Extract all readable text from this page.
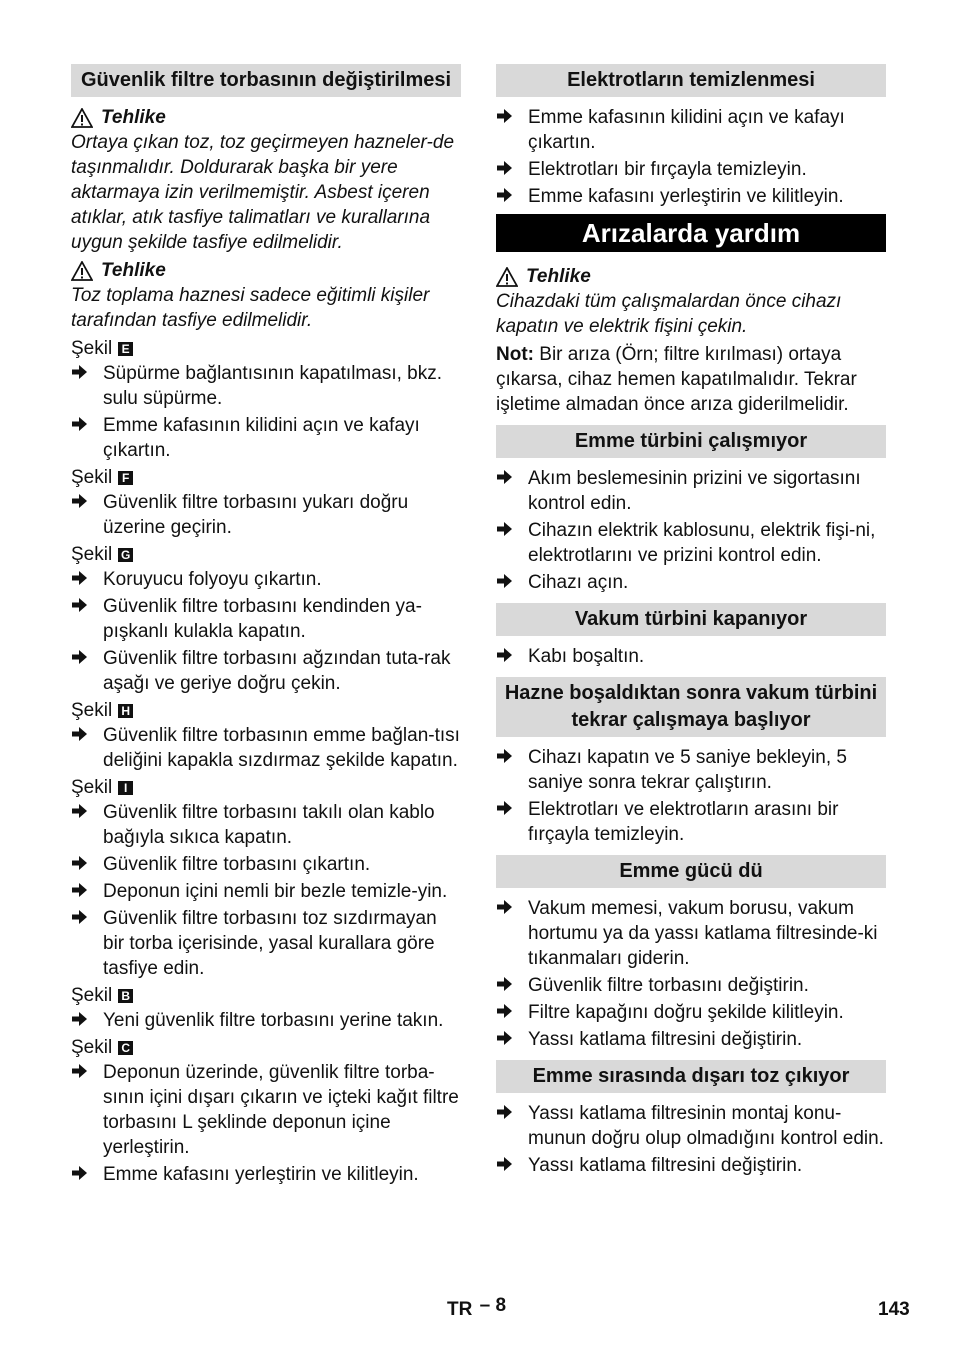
Güvenlik filtre torbasının değiştirilmesi
Tehlike
Ortaya çıkan toz, toz geçirmeyen hazneler-de taşınmalıdır. Doldurarak başka bir yere aktarmaya izin verilmemiştir. Asbest içeren atıklar, atık tasfiye talimatları ve kurallarına uygun şekilde tasfiye edilmelidir.
Tehlike
Toz toplama haznesi sadece eğitimli kişiler tarafından tasfiye edilmelidir.
Şekil E
Süpürme bağlantısının kapatılması, bkz. sulu süpürme.
Emme kafasının kilidini açın ve kafayı çıkartın.
Şekil F
Güvenlik filtre torbasını yukarı doğru üzerine geçirin.
Şekil G
Koruyucu folyoyu çıkartın.
Güvenlik filtre torbasını kendinden ya-pışkanlı kulakla kapatın.
Güvenlik filtre torbasını ağzından tuta-rak aşağı ve geriye doğru çekin.
Şekil H
Güvenlik filtre torbasının emme bağlan-tısı deliğini kapakla sızdırmaz şekilde kapatın.
Şekil I
Güvenlik filtre torbasını takılı olan kablo bağıyla sıkıca kapatın.
Güvenlik filtre torbasını çıkartın.
Deponun içini nemli bir bezle temizle-yin.
Güvenlik filtre torbasını toz sızdırmayan bir torba içerisinde, yasal kurallara göre tasfiye edin.
Şekil B
Yeni güvenlik filtre torbasını yerine takın.
Şekil C
Deponun üzerinde, güvenlik filtre torba-sının içini dışarı çıkarın ve içteki kağıt filtre torbasını L şeklinde deponun içine yerleştirin.
Emme kafasını yerleştirin ve kilitleyin.
Elektrotların temizlenmesi
Emme kafasının kilidini açın ve kafayı çıkartın.
Elektrotları bir fırçayla temizleyin.
Emme kafasını yerleştirin ve kilitleyin.
Arızalarda yardım
Tehlike
Cihazdaki tüm çalışmalardan önce cihazı kapatın ve elektrik fişini çekin.
Not: Bir arıza (Örn; filtre kırılması) ortaya çıkarsa, cihaz hemen kapatılmalıdır. Tekrar işletime almadan önce arıza giderilmelidir.
Emme türbini çalışmıyor
Akım beslemesinin prizini ve sigortasını kontrol edin.
Cihazın elektrik kablosunu, elektrik fişi-ni, elektrotlarını ve prizini kontrol edin.
Cihazı açın.
Vakum türbini kapanıyor
Kabı boşaltın.
Hazne boşaldıktan sonra vakum türbini tekrar çalışmaya başlıyor
Cihazı kapatın ve 5 saniye bekleyin, 5 saniye sonra tekrar çalıştırın.
Elektrotları ve elektrotların arasını bir fırçayla temizleyin.
Emme gücü dü
Vakum memesi, vakum borusu, vakum hortumu ya da yassı katlama filtresinde-ki tıkanmaları giderin.
Güvenlik filtre torbasını değiştirin.
Filtre kapağını doğru şekilde kilitleyin.
Yassı katlama filtresini değiştirin.
Emme sırasında dışarı toz çıkıyor
Yassı katlama filtresinin montaj konu-munun doğru olup olmadığını kontrol edin.
Yassı katlama filtresini değiştirin.
TR – 8	143
